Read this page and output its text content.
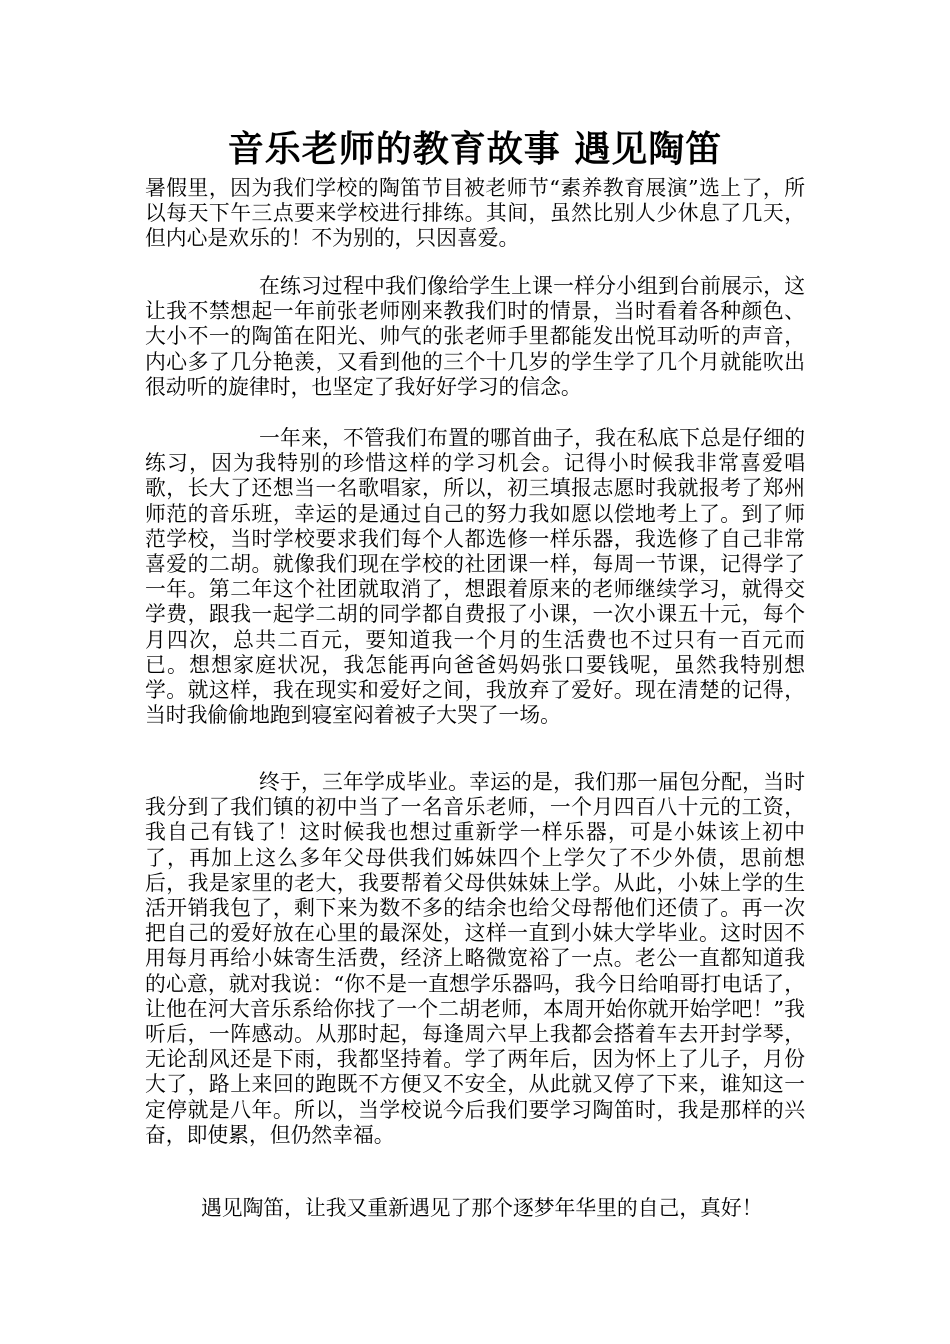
音乐老师的教育故事 遇见陶笛

暑假里，因为我们学校的陶笛节目被老师节“素养教育展演”选上了，所以每天下午三点要来学校进行排练。其间，虽然比别人少休息了几天，但内心是欢乐的！不为别的，只因喜爱。

在练习过程中我们像给学生上课一样分小组到台前展示，这让我不禁想起一年前张老师刚来教我们时的情景，当时看着各种颜色、大小不一的陶笛在阳光、帅气的张老师手里都能发出悦耳动听的声音，内心多了几分艳羡，又看到他的三个十几岁的学生学了几个月就能吹出很动听的旋律时，也坚定了我好好学习的信念。

一年来，不管我们布置的哪首曲子，我在私底下总是仔细的练习，因为我特别的珍惜这样的学习机会。记得小时候我非常喜爱唱歌，长大了还想当一名歌唱家，所以，初三填报志愿时我就报考了郑州师范的音乐班，幸运的是通过自己的努力我如愿以偿地考上了。到了师范学校，当时学校要求我们每个人都选修一样乐器，我选修了自己非常喜爱的二胡。就像我们现在学校的社团课一样，每周一节课，记得学了一年。第二年这个社团就取消了，想跟着原来的老师继续学习，就得交学费，跟我一起学二胡的同学都自费报了小课，一次小课五十元，每个月四次，总共二百元，要知道我一个月的生活费也不过只有一百元而已。想想家庭状况，我怎能再向爸爸妈妈张口要钱呢，虽然我特别想学。就这样，我在现实和爱好之间，我放弃了爱好。现在清楚的记得，当时我偷偷地跑到寝室闷着被子大哭了一场。

终于，三年学成毕业。幸运的是，我们那一届包分配，当时我分到了我们镇的初中当了一名音乐老师，一个月四百八十元的工资，我自己有钱了！这时候我也想过重新学一样乐器，可是小妹该上初中了，再加上这么多年父母供我们姊妹四个上学欠了不少外债，思前想后，我是家里的老大，我要帮着父母供妹妹上学。从此，小妹上学的生活开销我包了，剩下来为数不多的结余也给父母帮他们还债了。再一次把自己的爱好放在心里的最深处，这样一直到小妹大学毕业。这时因不用每月再给小妹寄生活费，经济上略微宽裕了一点。老公一直都知道我的心意，就对我说：“你不是一直想学乐器吗，我今日给咱哥打电话了，让他在河大音乐系给你找了一个二胡老师，本周开始你就开始学吧！”我听后，一阵感动。从那时起，每逢周六早上我都会搭着车去开封学琴，无论刮风还是下雨，我都坚持着。学了两年后，因为怀上了儿子，月份大了，路上来回的跑既不方便又不安全，从此就又停了下来，谁知这一定停就是八年。所以，当学校说今后我们要学习陶笛时，我是那样的兴奋，即使累，但仍然幸福。

遇见陶笛，让我又重新遇见了那个逐梦年华里的自己，真好！
